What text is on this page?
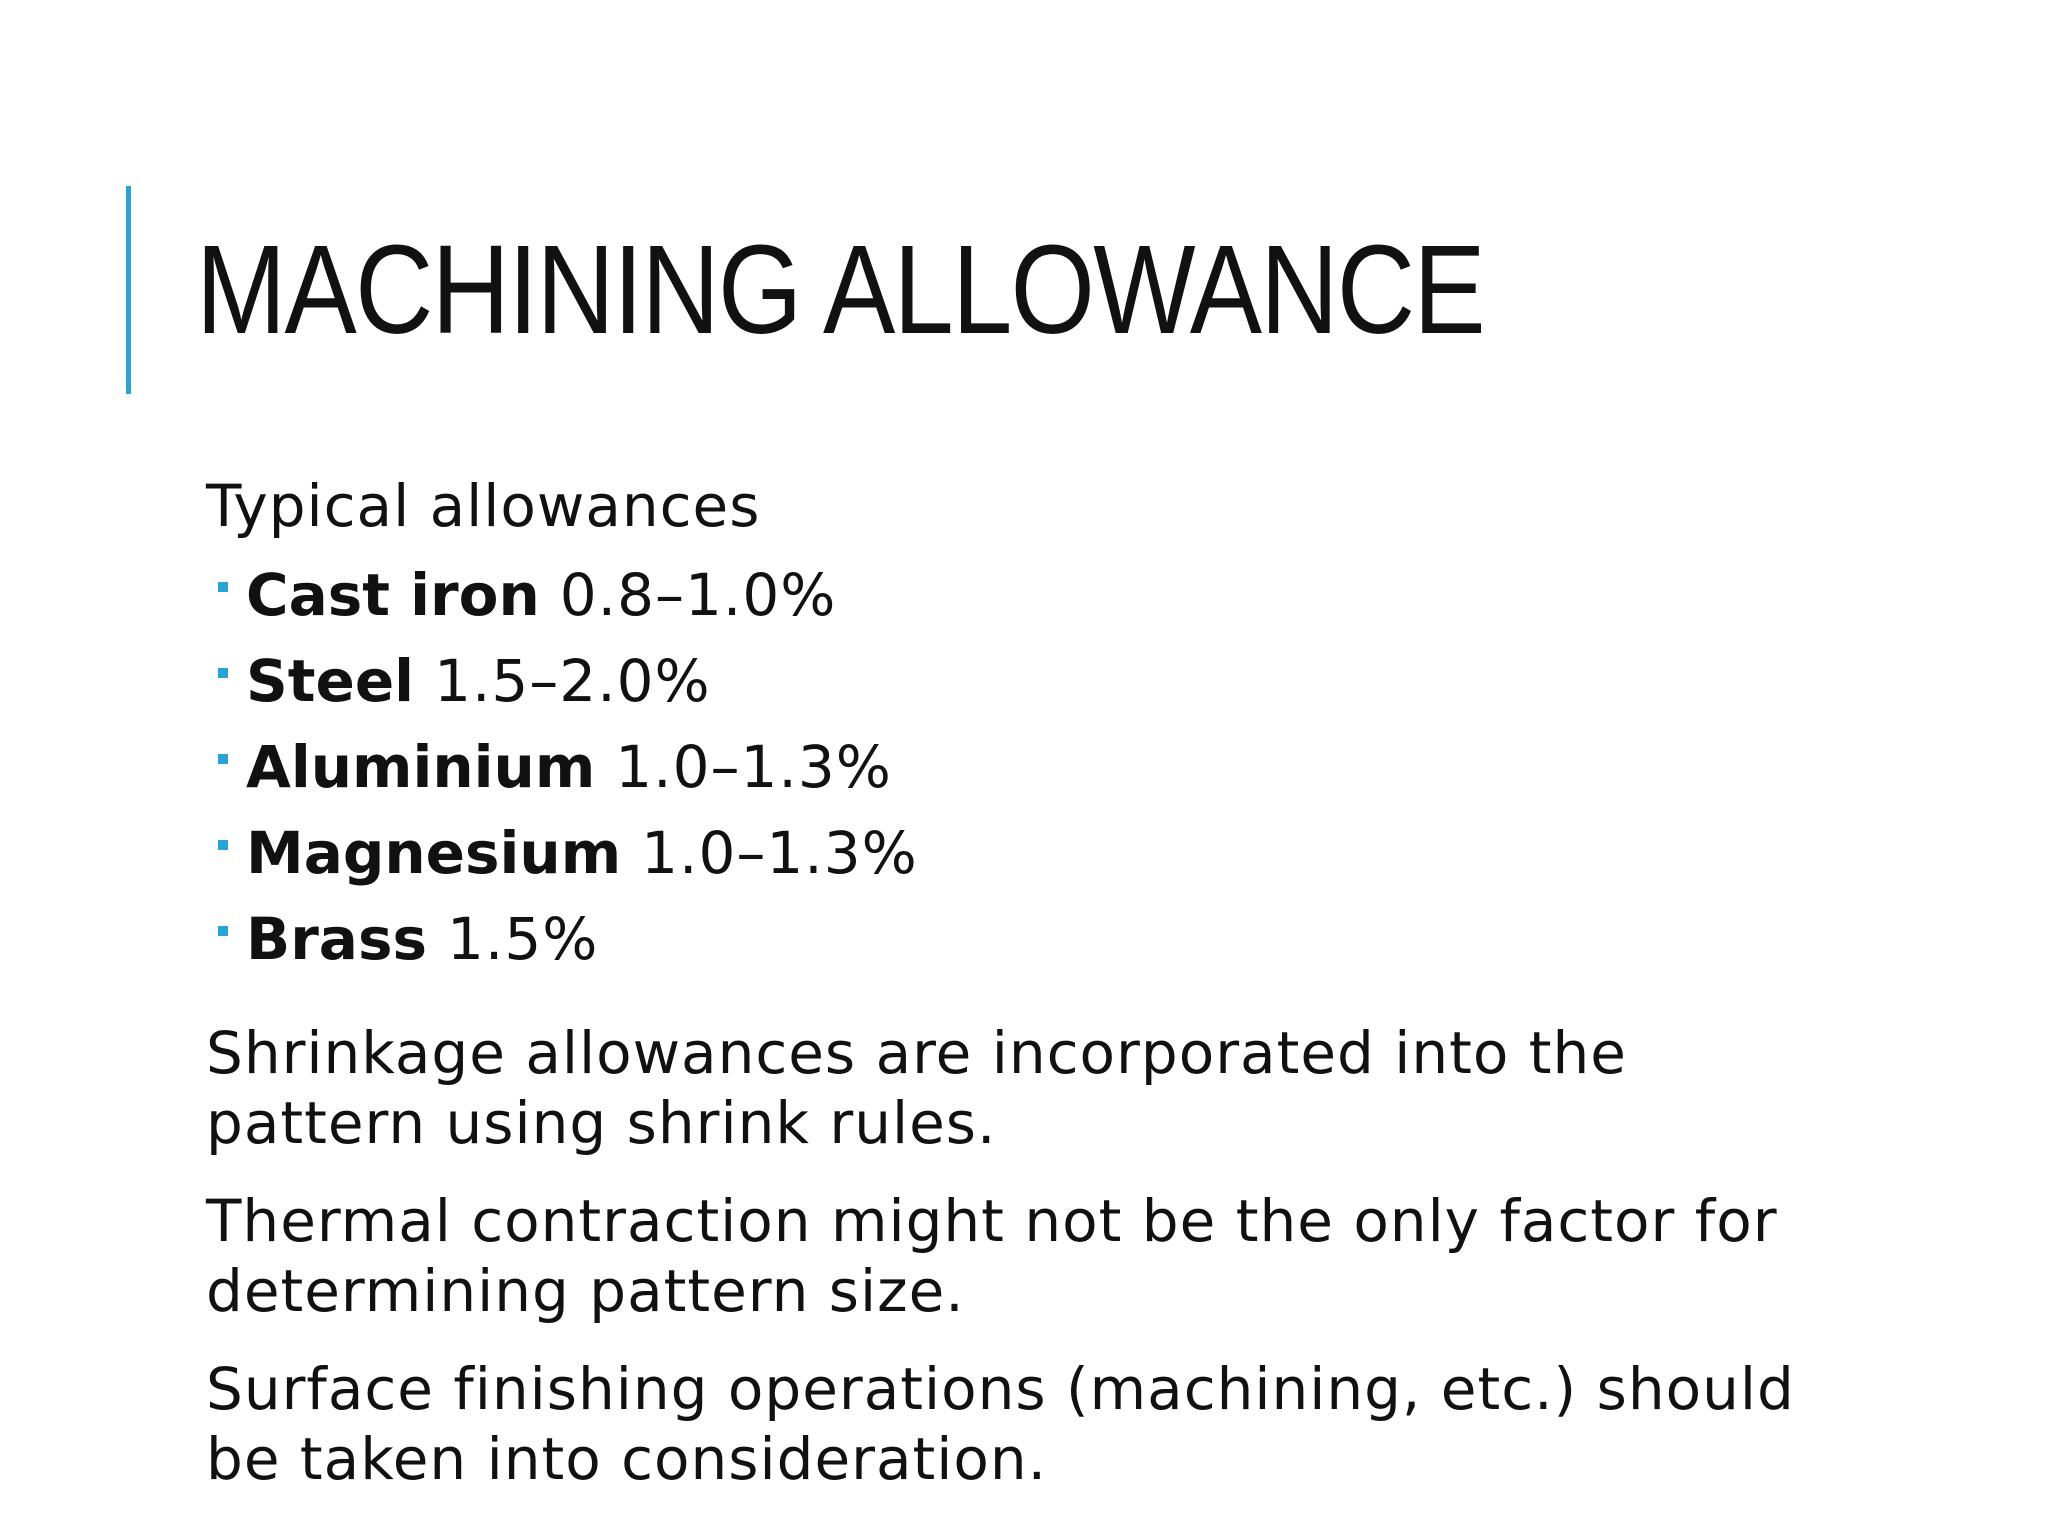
MACHINING ALLOWANCE

Typical allowances

Cast iron 0.8–1.0%
Steel 1.5–2.0%
Aluminium 1.0–1.3%
Magnesium 1.0–1.3%
Brass 1.5%

Shrinkage allowances are incorporated into the pattern using shrink rules.

Thermal contraction might not be the only factor for determining pattern size.

Surface finishing operations (machining, etc.) should be taken into consideration.
